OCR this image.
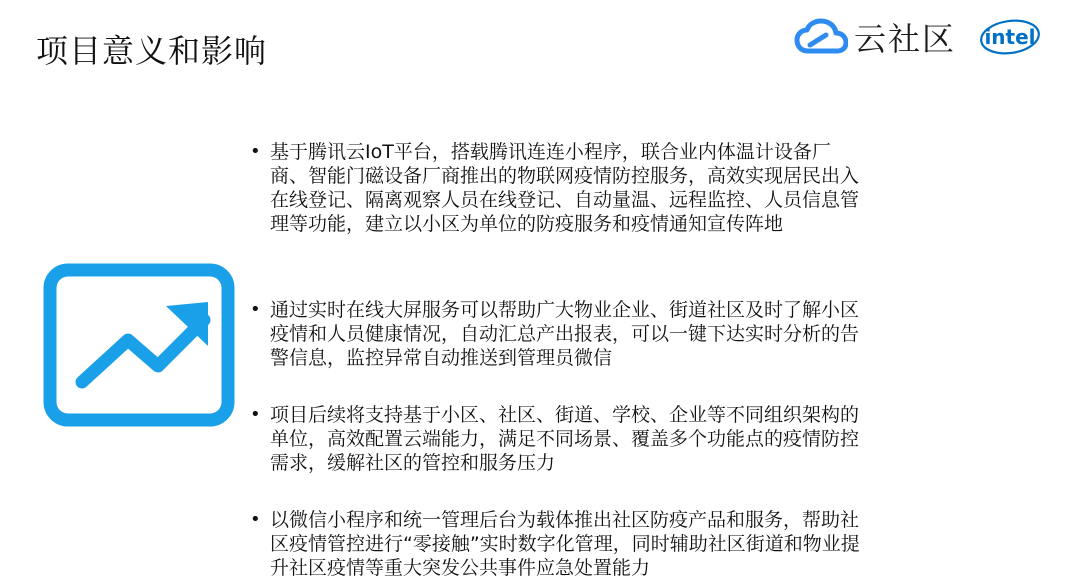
项目意义和影响	云社区 intel
• 基于腾讯云IoT平台，搭载腾讯连连小程序，联合业内体温计设备厂商、智能门磁设备厂商推出的物联网疫情防控服务，高效实现居民出入在线登记、隔离观察人员在线登记、自动量温、远程监控、人员信息管理等功能，建立以小区为单位的防疫服务和疫情通知宣传阵地
• 通过实时在线大屏服务可以帮助广大物业企业、街道社区及时了解小区疫情和人员健康情况，自动汇总产出报表，可以一键下达实时分析的告警信息，监控异常自动推送到管理员微信
• 项目后续将支持基于小区、社区、街道、学校、企业等不同组织架构的单位，高效配置云端能力，满足不同场景、覆盖多个功能点的疫情防控需求，缓解社区的管控和服务压力
• 以微信小程序和统一管理后台为载体推出社区防疫产品和服务，帮助社区疫情管控进行“零接触”实时数字化管理，同时辅助社区街道和物业提升社区疫情等重大突发公共事件应急处置能力
